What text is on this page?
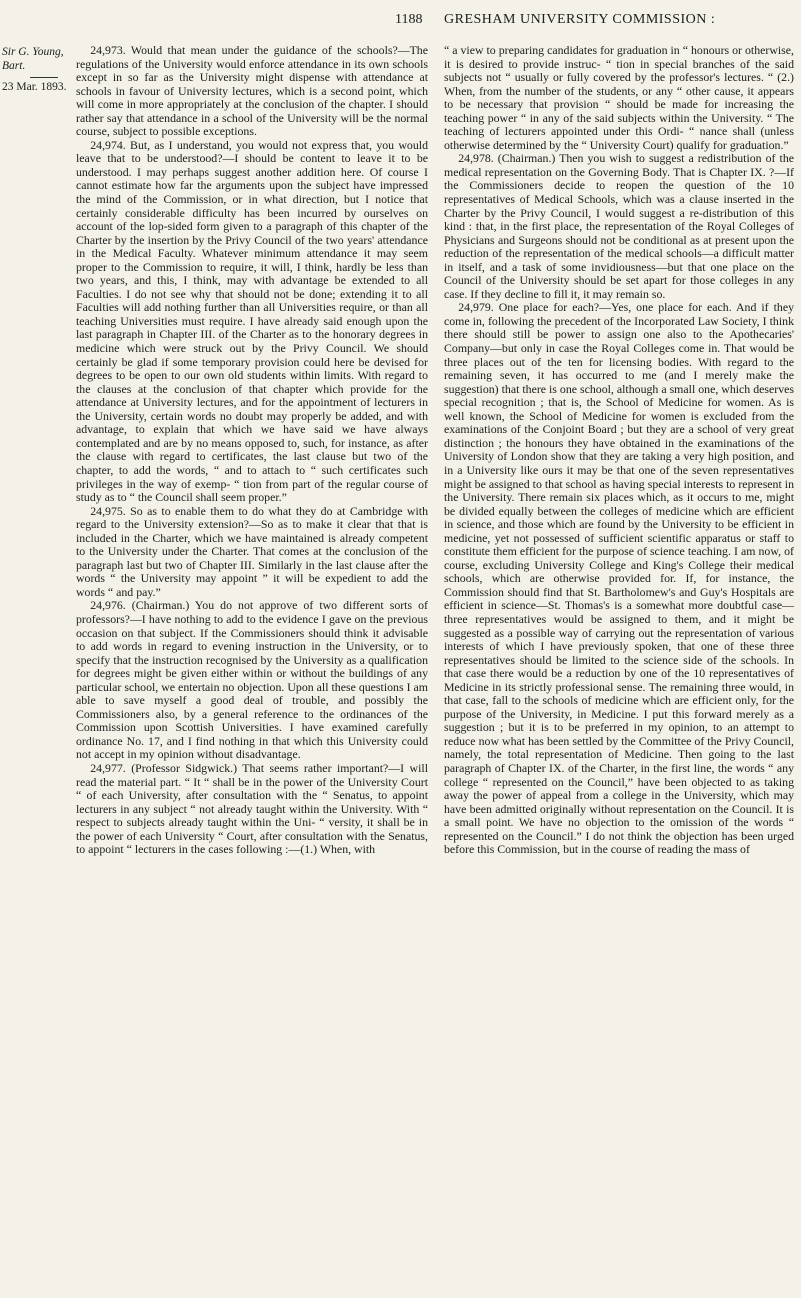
1188 GRESHAM UNIVERSITY COMMISSION :
Sir G. Young, Bart.
23 Mar. 1893.

24,973. Would that mean under the guidance of the schools?—The regulations of the University would enforce attendance in its own schools except in so far as the University might dispense with attendance at schools in favour of University lectures, which is a second point, which will come in more appropriately at the conclusion of the chapter. I should rather say that attendance in a school of the University will be the normal course, subject to possible exceptions.

24,974. But, as I understand, you would not express that, you would leave that to be understood?—I should be content to leave it to be understood. I may perhaps suggest another addition here. Of course I cannot estimate how far the arguments upon the subject have impressed the mind of the Commission, or in what direction, but I notice that certainly considerable difficulty has been incurred by ourselves on account of the lop-sided form given to a paragraph of this chapter of the Charter by the insertion by the Privy Council of the two years' attendance in the Medical Faculty. Whatever minimum attendance it may seem proper to the Commission to require, it will, I think, hardly be less than two years, and this, I think, may with advantage be extended to all Faculties. I do not see why that should not be done; extending it to all Faculties will add nothing further than all Universities require, or than all teaching Universities must require. I have already said enough upon the last paragraph in Chapter III. of the Charter as to the honorary degrees in medicine which were struck out by the Privy Council. We should certainly be glad if some temporary provision could here be devised for degrees to be open to our own old students within limits. With regard to the clauses at the conclusion of that chapter which provide for the attendance at University lectures, and for the appointment of lecturers in the University, certain words no doubt may properly be added, and with advantage, to explain that which we have said we have always contemplated and are by no means opposed to, such, for instance, as after the clause with regard to certificates, the last clause but two of the chapter, to add the words, “ and to attach to “ such certificates such privileges in the way of exemp- “ tion from part of the regular course of study as to “ the Council shall seem proper.”

24,975. So as to enable them to do what they do at Cambridge with regard to the University extension?—So as to make it clear that that is included in the Charter, which we have maintained is already competent to the University under the Charter. That comes at the conclusion of the paragraph last but two of Chapter III. Similarly in the last clause after the words “ the University may appoint ” it will be expedient to add the words “ and pay.”

24,976. (Chairman.) You do not approve of two different sorts of professors?—I have nothing to add to the evidence I gave on the previous occasion on that subject. If the Commissioners should think it advisable to add words in regard to evening instruction in the University, or to specify that the instruction recognised by the University as a qualification for degrees might be given either within or without the buildings of any particular school, we entertain no objection. Upon all these questions I am able to save myself a good deal of trouble, and possibly the Commissioners also, by a general reference to the ordinances of the Commission upon Scottish Universities. I have examined carefully ordinance No. 17, and I find nothing in that which this University could not accept in my opinion without disadvantage.

24,977. (Professor Sidgwick.) That seems rather important?—I will read the material part. “ It “ shall be in the power of the University Court “ of each University, after consultation with the “ Senatus, to appoint lecturers in any subject “ not already taught within the University. With “ respect to subjects already taught within the Uni- “ versity, it shall be in the power of each University “ Court, after consultation with the Senatus, to appoint “ lecturers in the cases following :—(1.) When, with

“ a view to preparing candidates for graduation in “ honours or otherwise, it is desired to provide instruc- “ tion in special branches of the said subjects not “ usually or fully covered by the professor's lectures. “ (2.) When, from the number of the students, or any “ other cause, it appears to be necessary that provision “ should be made for increasing the teaching power “ in any of the said subjects within the University. “ The teaching of lecturers appointed under this Ordi- “ nance shall (unless otherwise determined by the “ University Court) qualify for graduation.”

24,978. (Chairman.) Then you wish to suggest a redistribution of the medical representation on the Governing Body. That is Chapter IX. ?—If the Commissioners decide to reopen the question of the 10 representatives of Medical Schools, which was a clause inserted in the Charter by the Privy Council, I would suggest a re-distribution of this kind : that, in the first place, the representation of the Royal Colleges of Physicians and Surgeons should not be conditional as at present upon the reduction of the representation of the medical schools—a difficult matter in itself, and a task of some invidiousness—but that one place on the Council of the University should be set apart for those colleges in any case. If they decline to fill it, it may remain so.

24,979. One place for each?—Yes, one place for each. And if they come in, following the precedent of the Incorporated Law Society, I think there should still be power to assign one also to the Apothecaries' Company—but only in case the Royal Colleges come in. That would be three places out of the ten for licensing bodies. With regard to the remaining seven, it has occurred to me (and I merely make the suggestion) that there is one school, although a small one, which deserves special recognition ; that is, the School of Medicine for women. As is well known, the School of Medicine for women is excluded from the examinations of the Conjoint Board ; but they are a school of very great distinction ; the honours they have obtained in the examinations of the University of London show that they are taking a very high position, and in a University like ours it may be that one of the seven representatives might be assigned to that school as having special interests to represent in the University. There remain six places which, as it occurs to me, might be divided equally between the colleges of medicine which are efficient in science, and those which are found by the University to be efficient in medicine, yet not possessed of sufficient scientific apparatus or staff to constitute them efficient for the purpose of science teaching. I am now, of course, excluding University College and King's College their medical schools, which are otherwise provided for. If, for instance, the Commission should find that St. Bartholomew's and Guy's Hospitals are efficient in science—St. Thomas's is a somewhat more doubtful case—three representatives would be assigned to them, and it might be suggested as a possible way of carrying out the representation of various interests of which I have previously spoken, that one of these three representatives should be limited to the science side of the schools. In that case there would be a reduction by one of the 10 representatives of Medicine in its strictly professional sense. The remaining three would, in that case, fall to the schools of medicine which are efficient only, for the purpose of the University, in Medicine. I put this forward merely as a suggestion ; but it is to be preferred in my opinion, to an attempt to reduce now what has been settled by the Committee of the Privy Council, namely, the total representation of Medicine. Then going to the last paragraph of Chapter IX. of the Charter, in the first line, the words “ any college “ represented on the Council,” have been objected to as taking away the power of appeal from a college in the University, which may have been admitted originally without representation on the Council. It is a small point. We have no objection to the omission of the words “ represented on the Council.” I do not think the objection has been urged before this Commission, but in the course of reading the mass of
